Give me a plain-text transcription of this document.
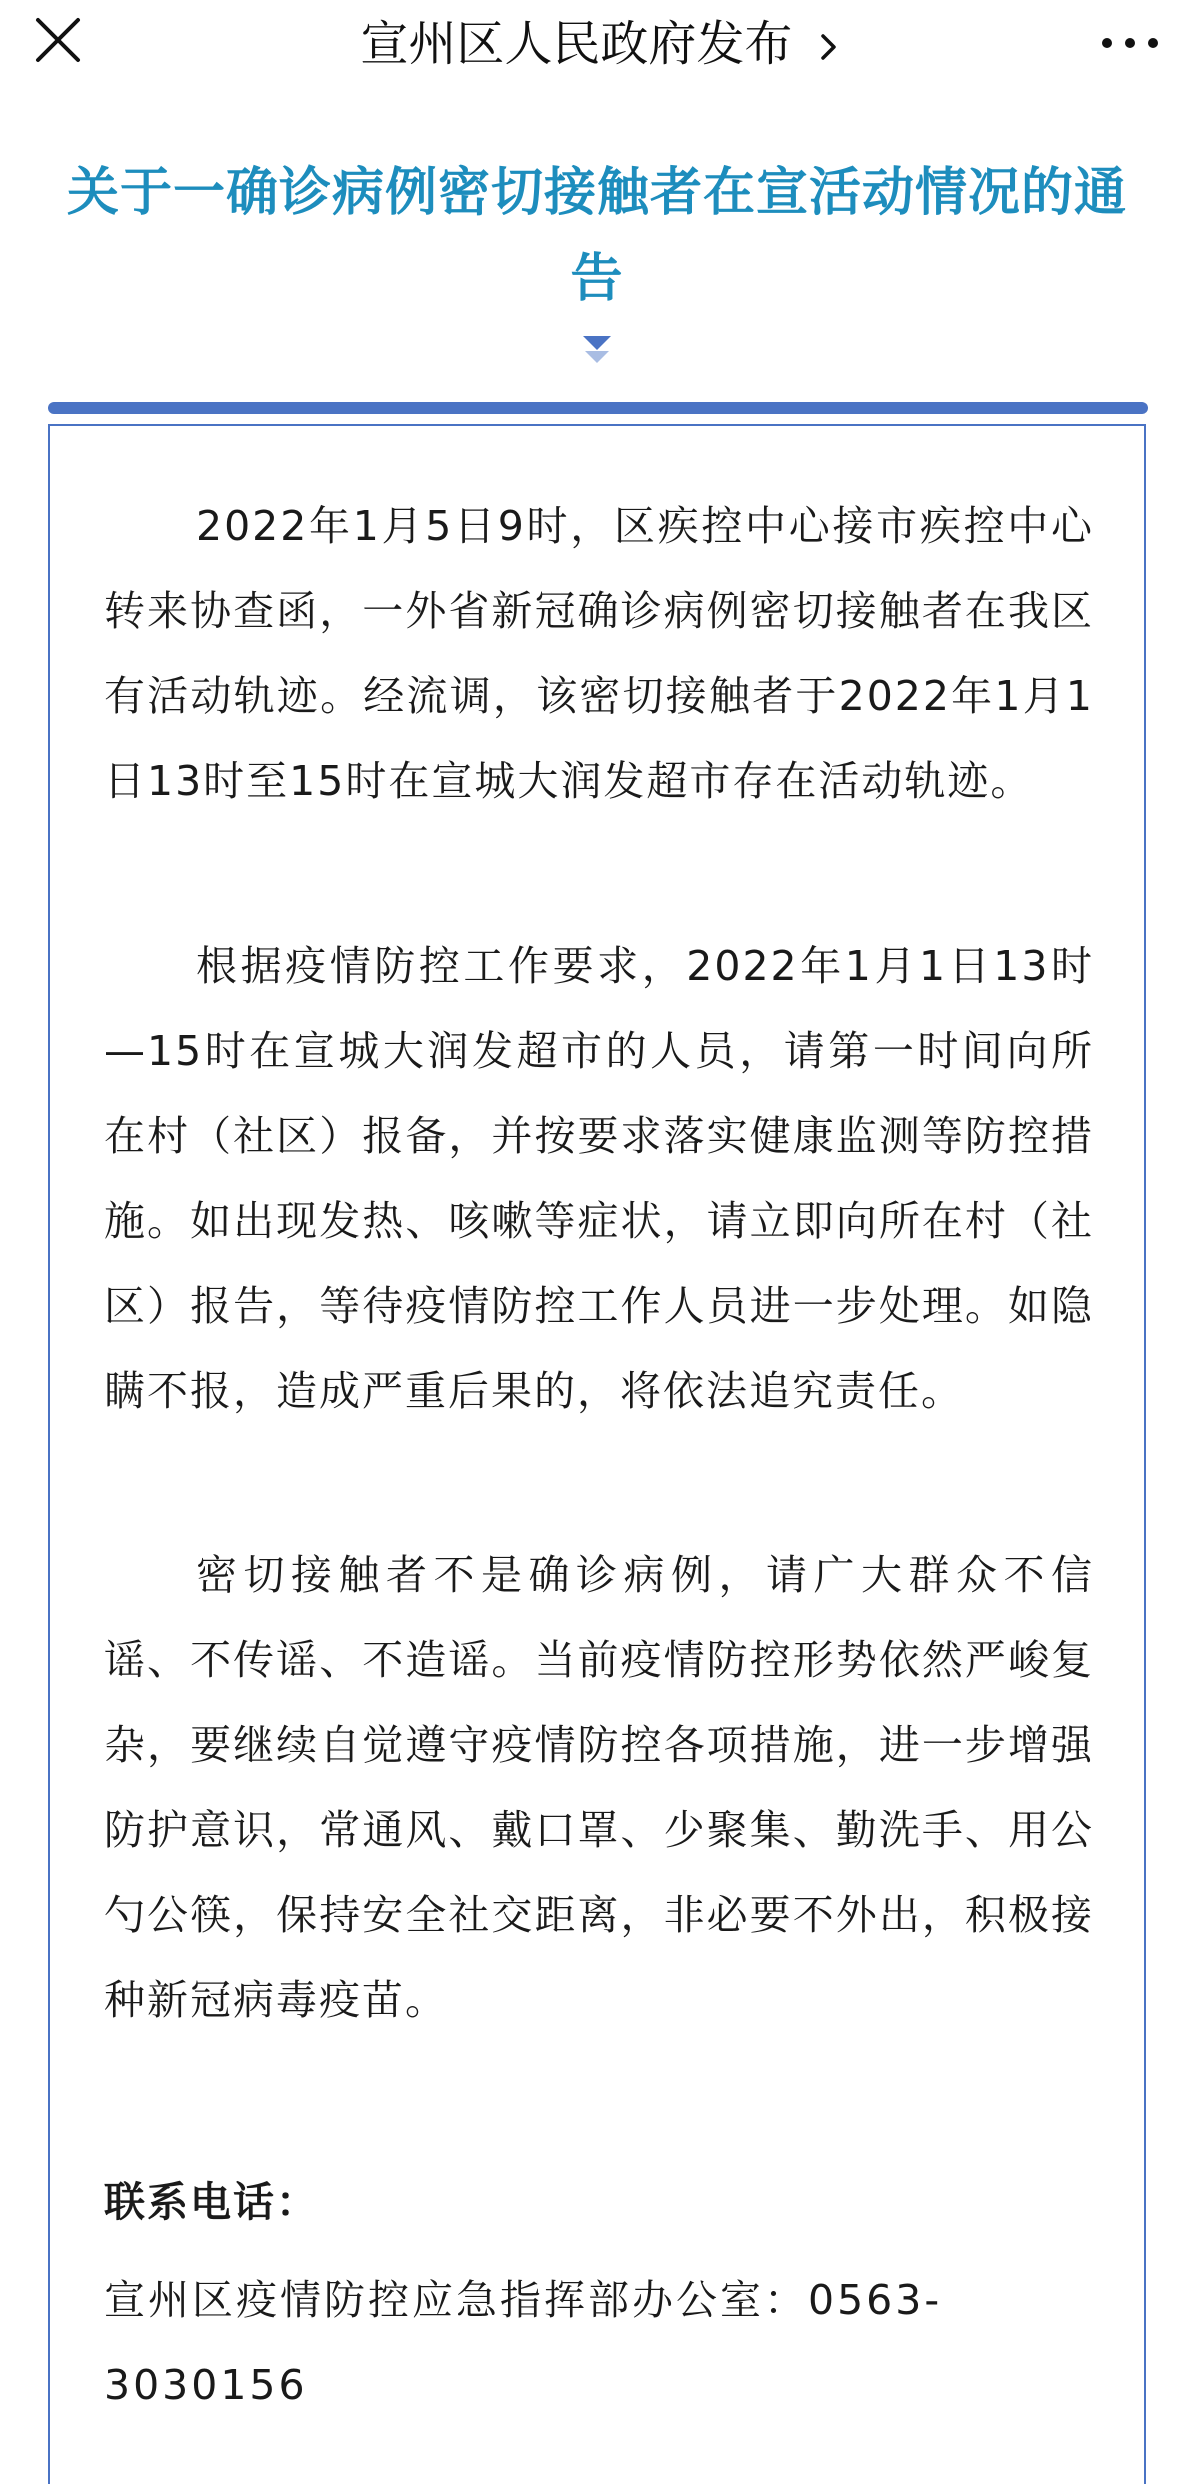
宣州区人民政府发布
关于一确诊病例密切接触者在宣活动情况的通告

2022年1月5日9时，区疾控中心接市疾控中心转来协查函，一外省新冠确诊病例密切接触者在我区有活动轨迹。经流调，该密切接触者于2022年1月1日13时至15时在宣城大润发超市存在活动轨迹。

根据疫情防控工作要求，2022年1月1日13时—15时在宣城大润发超市的人员，请第一时间向所在村（社区）报备，并按要求落实健康监测等防控措施。如出现发热、咳嗽等症状，请立即向所在村（社区）报告，等待疫情防控工作人员进一步处理。如隐瞒不报，造成严重后果的，将依法追究责任。

密切接触者不是确诊病例，请广大群众不信谣、不传谣、不造谣。当前疫情防控形势依然严峻复杂，要继续自觉遵守疫情防控各项措施，进一步增强防护意识，常通风、戴口罩、少聚集、勤洗手、用公勺公筷，保持安全社交距离，非必要不外出，积极接种新冠病毒疫苗。

联系电话：

宣州区疫情防控应急指挥部办公室：0563-3030156
